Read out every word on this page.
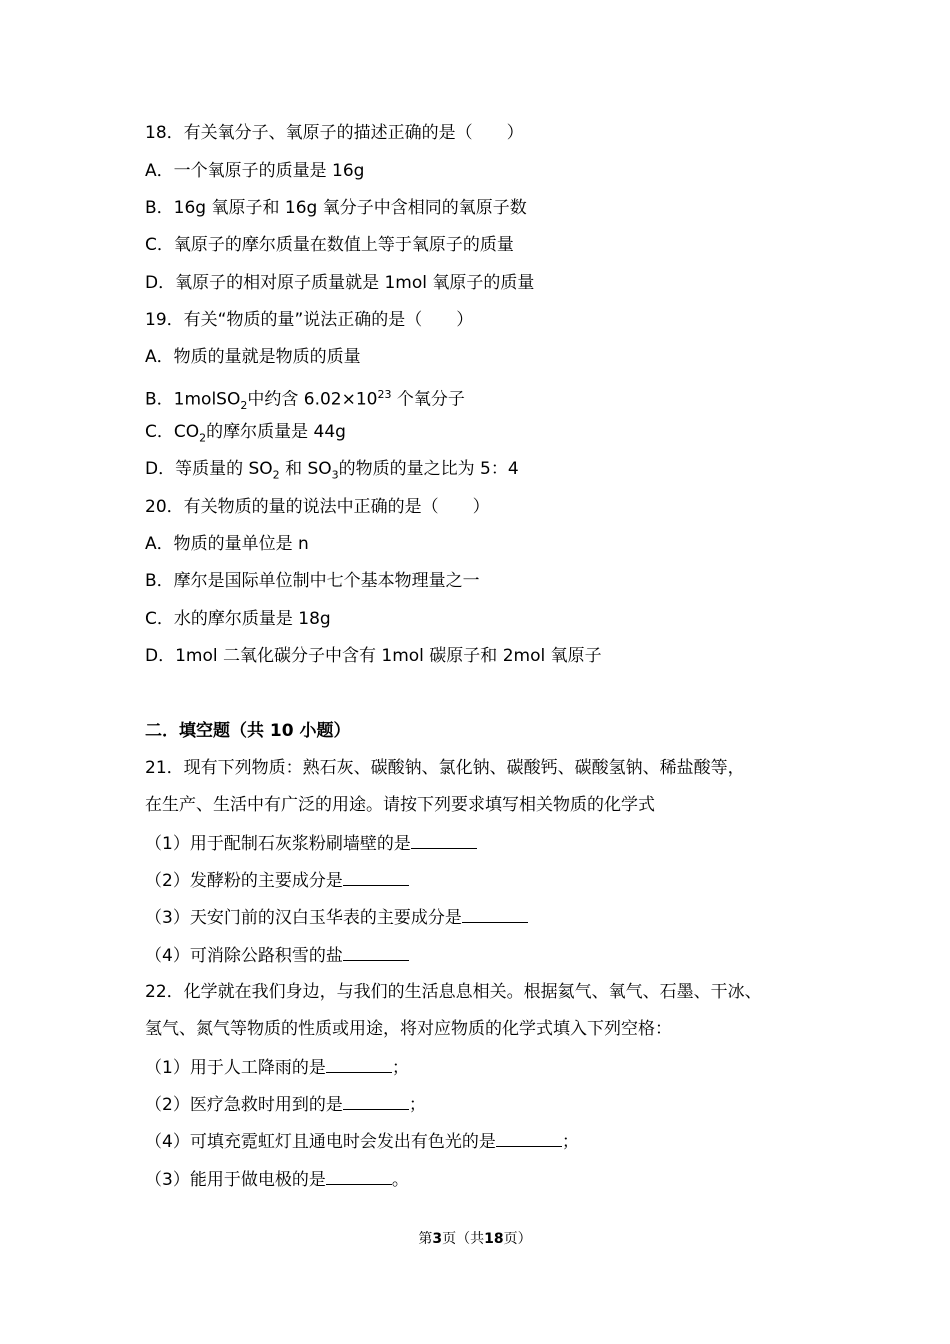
18．有关氧分子、氧原子的描述正确的是（　　）
A．一个氧原子的质量是 16g
B．16g 氧原子和 16g 氧分子中含相同的氧原子数
C．氧原子的摩尔质量在数值上等于氧原子的质量
D．氧原子的相对原子质量就是 1mol 氧原子的质量
19．有关“物质的量”说法正确的是（　　）
A．物质的量就是物质的质量
B．1molSO$_2$中约含 $6.02\times 10^{23}$ 个氧分子
C．$CO_2$的摩尔质量是 44g
D．等质量的 $SO_2$ 和 $SO_3$的物质的量之比为 5：4
20．有关物质的量的说法中正确的是（　　）
A．物质的量单位是 n
B．摩尔是国际单位制中七个基本物理量之一
C．水的摩尔质量是 18g
D．1mol 二氧化碳分子中含有 1mol 碳原子和 2mol 氧原子
二．填空题（共 10 小题）
21．现有下列物质：熟石灰、碳酸钠、氯化钠、碳酸钙、碳酸氢钠、稀盐酸等，
在生产、生活中有广泛的用途。请按下列要求填写相关物质的化学式
（1）用于配制石灰浆粉刷墙壁的是
（2）发酵粉的主要成分是
（3）天安门前的汉白玉华表的主要成分是
（4）可消除公路积雪的盐
22．化学就在我们身边，与我们的生活息息相关。根据氦气、氧气、石墨、干冰、
氢气、氮气等物质的性质或用途，将对应物质的化学式填入下列空格：
（1）用于人工降雨的是	；
（2）医疗急救时用到的是	；
（4）可填充霓虹灯且通电时会发出有色光的是	；
（3）能用于做电极的是	。
第3页（共18页）
